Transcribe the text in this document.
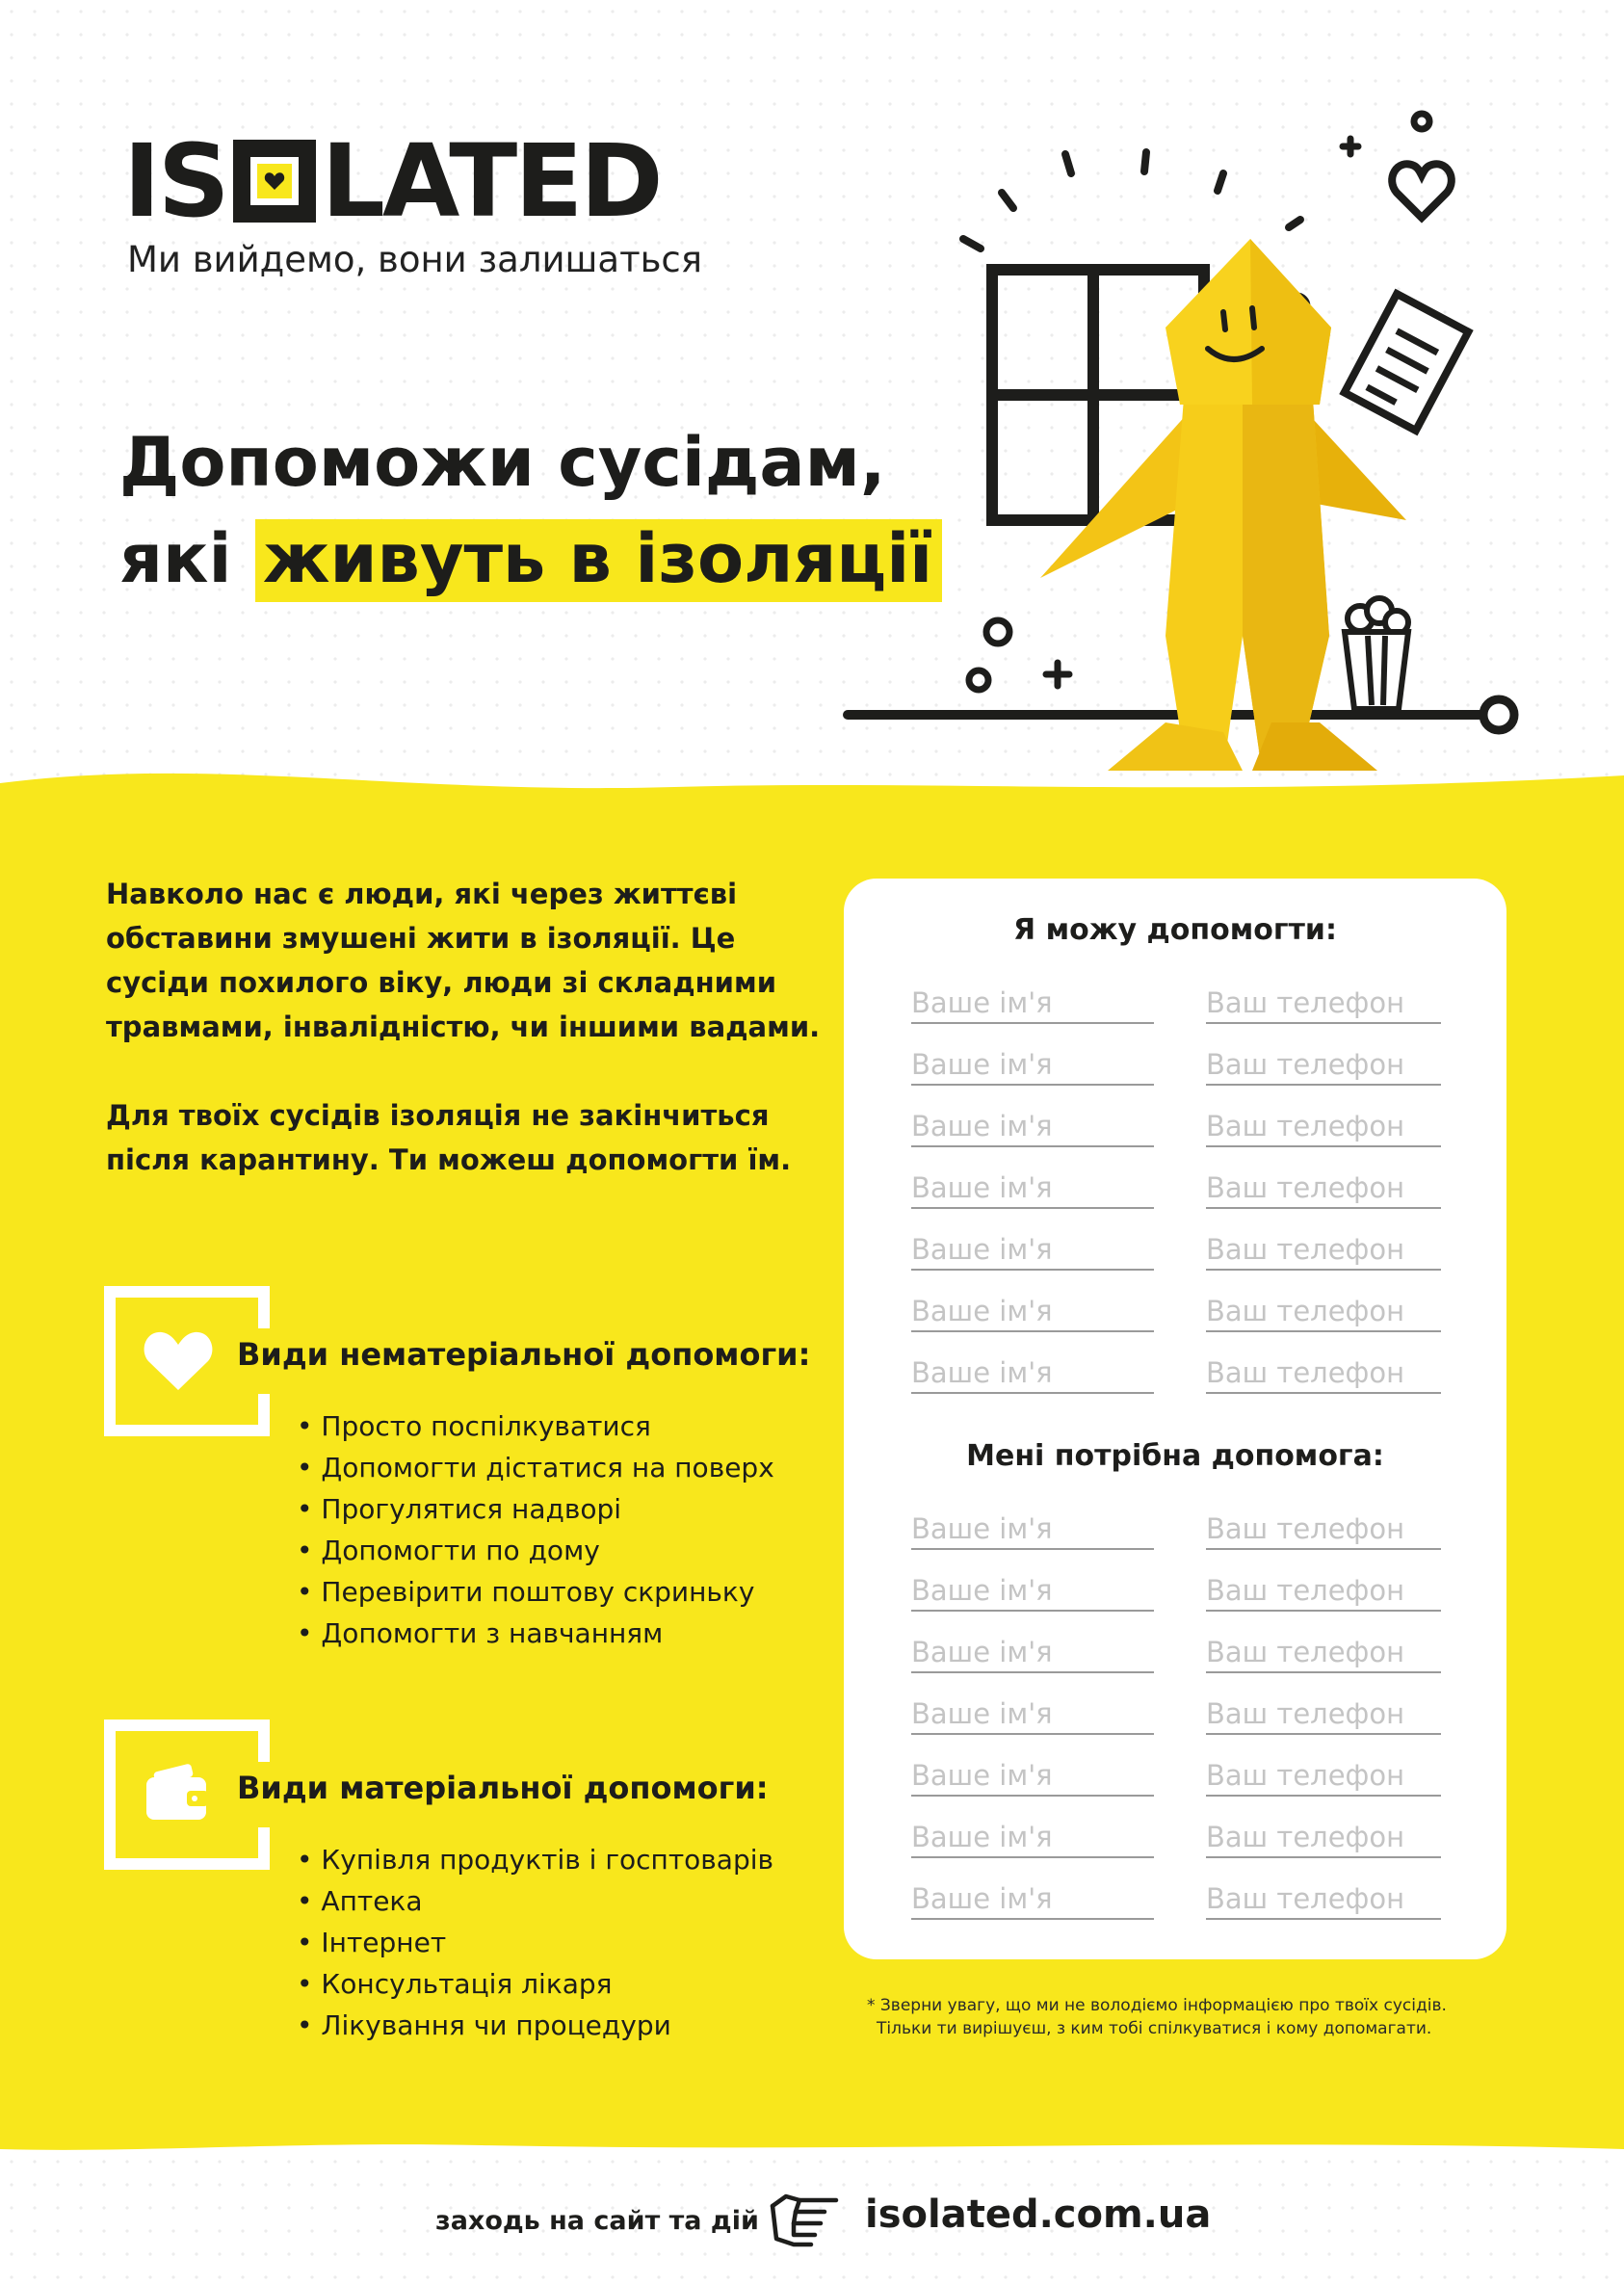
IS LATED
Ми вийдемо, вони залишаться
Допоможи сусідам,
які живуть в ізоляції

Навколо нас є люди, які через життєві обставини змушені жити в ізоляції. Це сусіди похилого віку, люди зі складними травмами, інвалідністю, чи іншими вадами.

Для твоїх сусідів ізоляція не закінчиться після карантину. Ти можеш допомогти їм.

Види нематеріальної допомоги:
• Просто поспілкуватися
• Допомогти дістатися на поверх
• Прогулятися надворі
• Допомогти по дому
• Перевірити поштову скриньку
• Допомогти з навчанням
Види матеріальної допомоги:
• Купівля продуктів і госптоварів
• Аптека
• Інтернет
• Консультація лікаря
• Лікування чи процедури
Я можу допомогти:
Ваше ім'я
Ваш телефон
Ваше ім'я
Ваш телефон
Ваше ім'я
Ваш телефон
Ваше ім'я
Ваш телефон
Ваше ім'я
Ваш телефон
Ваше ім'я
Ваш телефон
Ваше ім'я
Ваш телефон
Мені потрібна допомога:
Ваше ім'я
Ваш телефон
Ваше ім'я
Ваш телефон
Ваше ім'я
Ваш телефон
Ваше ім'я
Ваш телефон
Ваше ім'я
Ваш телефон
Ваше ім'я
Ваш телефон
Ваше ім'я
Ваш телефон
* Зверни увагу, що ми не володіємо інформацією про твоїх сусідів.
Тільки ти вирішуєш, з ким тобі спілкуватися і кому допомагати.
заходь на сайт та дій	isolated.com.ua
